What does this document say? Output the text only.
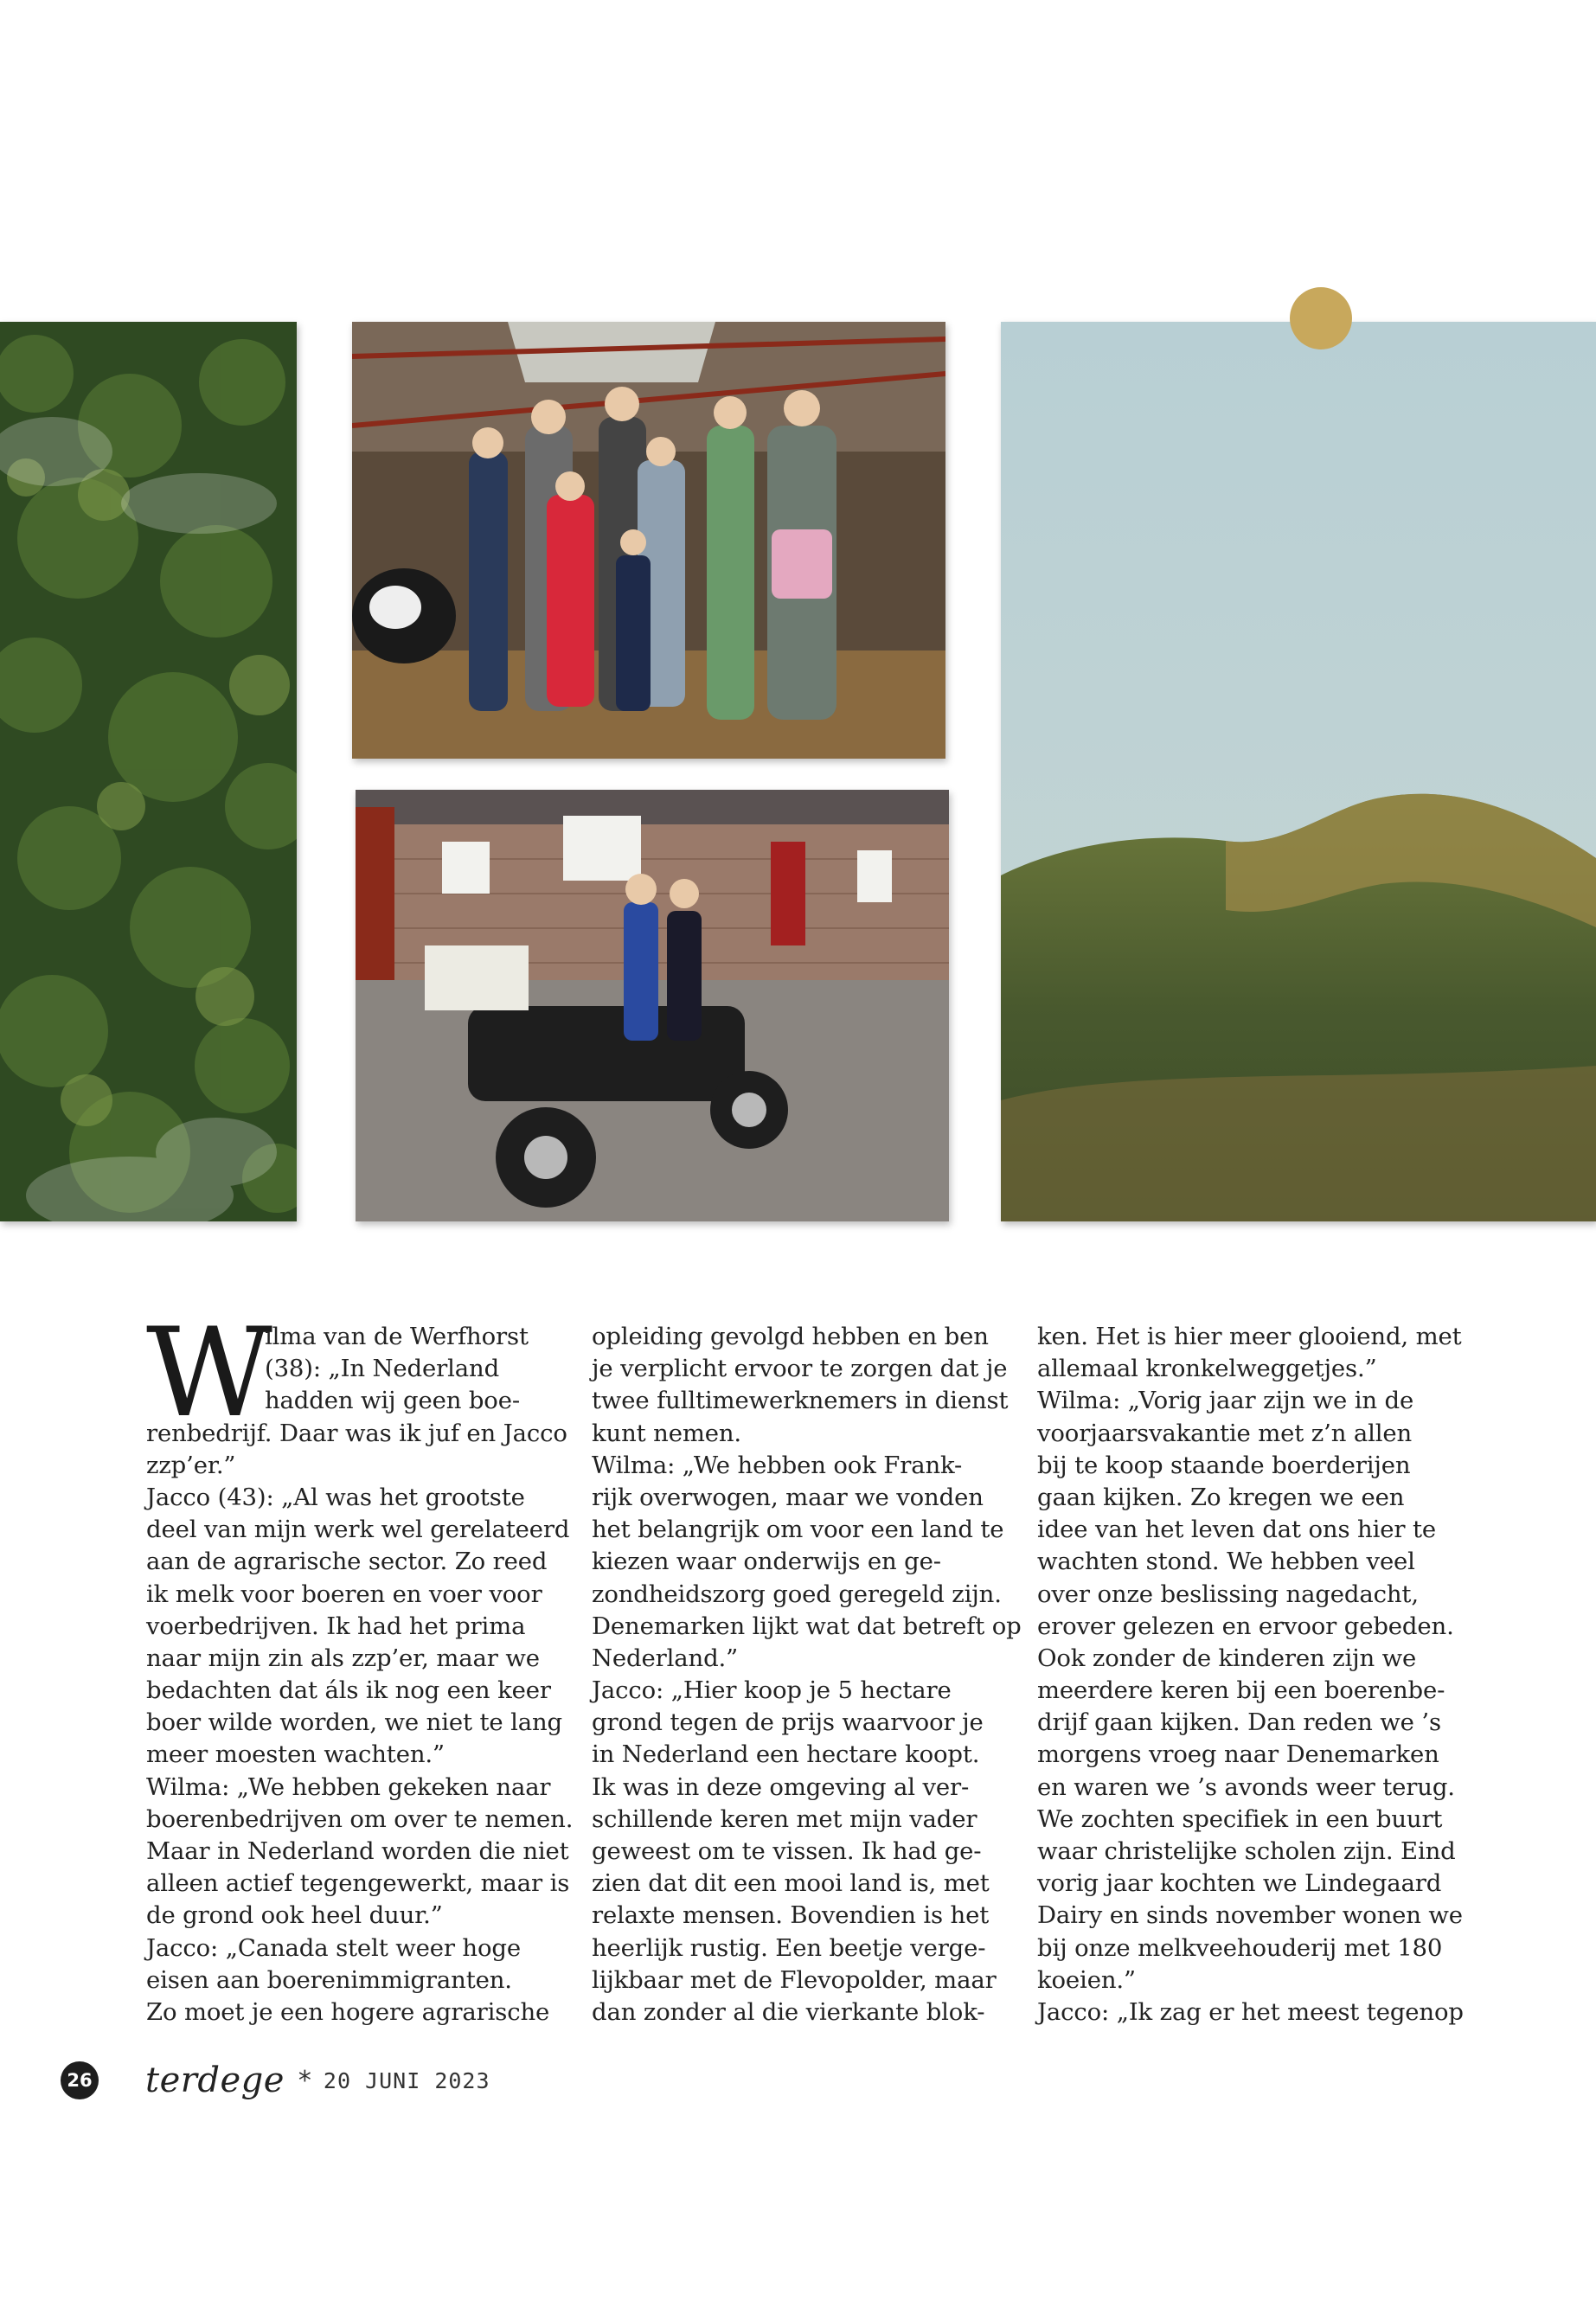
W
ilma van de Werfhorst
(38): „In Nederland
hadden wij geen boe-
renbedrijf. Daar was ik juf en Jacco
zzp’er.”
Jacco (43): „Al was het grootste
deel van mijn werk wel gerelateerd
aan de agrarische sector. Zo reed
ik melk voor boeren en voer voor
voerbedrijven. Ik had het prima
naar mijn zin als zzp’er, maar we
bedachten dat áls ik nog een keer
boer wilde worden, we niet te lang
meer moesten wachten.”
Wilma: „We hebben gekeken naar
boerenbedrijven om over te nemen.
Maar in Nederland worden die niet
alleen actief tegengewerkt, maar is
de grond ook heel duur.”
Jacco: „Canada stelt weer hoge
eisen aan boerenimmigranten.
Zo moet je een hogere agrarische
opleiding gevolgd hebben en ben
je verplicht ervoor te zorgen dat je
twee fulltimewerknemers in dienst
kunt nemen.
Wilma: „We hebben ook Frank-
rijk overwogen, maar we vonden
het belangrijk om voor een land te
kiezen waar onderwijs en ge-
zondheidszorg goed geregeld zijn.
Denemarken lijkt wat dat betreft op
Nederland.”
Jacco: „Hier koop je 5 hectare
grond tegen de prijs waarvoor je
in Nederland een hectare koopt.
Ik was in deze omgeving al ver-
schillende keren met mijn vader
geweest om te vissen. Ik had ge-
zien dat dit een mooi land is, met
relaxte mensen. Bovendien is het
heerlijk rustig. Een beetje verge-
lijkbaar met de Flevopolder, maar
dan zonder al die vierkante blok-
ken. Het is hier meer glooiend, met
allemaal kronkelweggetjes.”
Wilma: „Vorig jaar zijn we in de
voorjaarsvakantie met z’n allen
bij te koop staande boerderijen
gaan kijken. Zo kregen we een
idee van het leven dat ons hier te
wachten stond. We hebben veel
over onze beslissing nagedacht,
erover gelezen en ervoor gebeden.
Ook zonder de kinderen zijn we
meerdere keren bij een boerenbe-
drijf gaan kijken. Dan reden we ’s
morgens vroeg naar Denemarken
en waren we ’s avonds weer terug.
We zochten specifiek in een buurt
waar christelijke scholen zijn. Eind
vorig jaar kochten we Lindegaard
Dairy en sinds november wonen we
bij onze melkveehouderij met 180
koeien.”
Jacco: „Ik zag er het meest tegenop
26 terdege * 20 JUNI 2023
